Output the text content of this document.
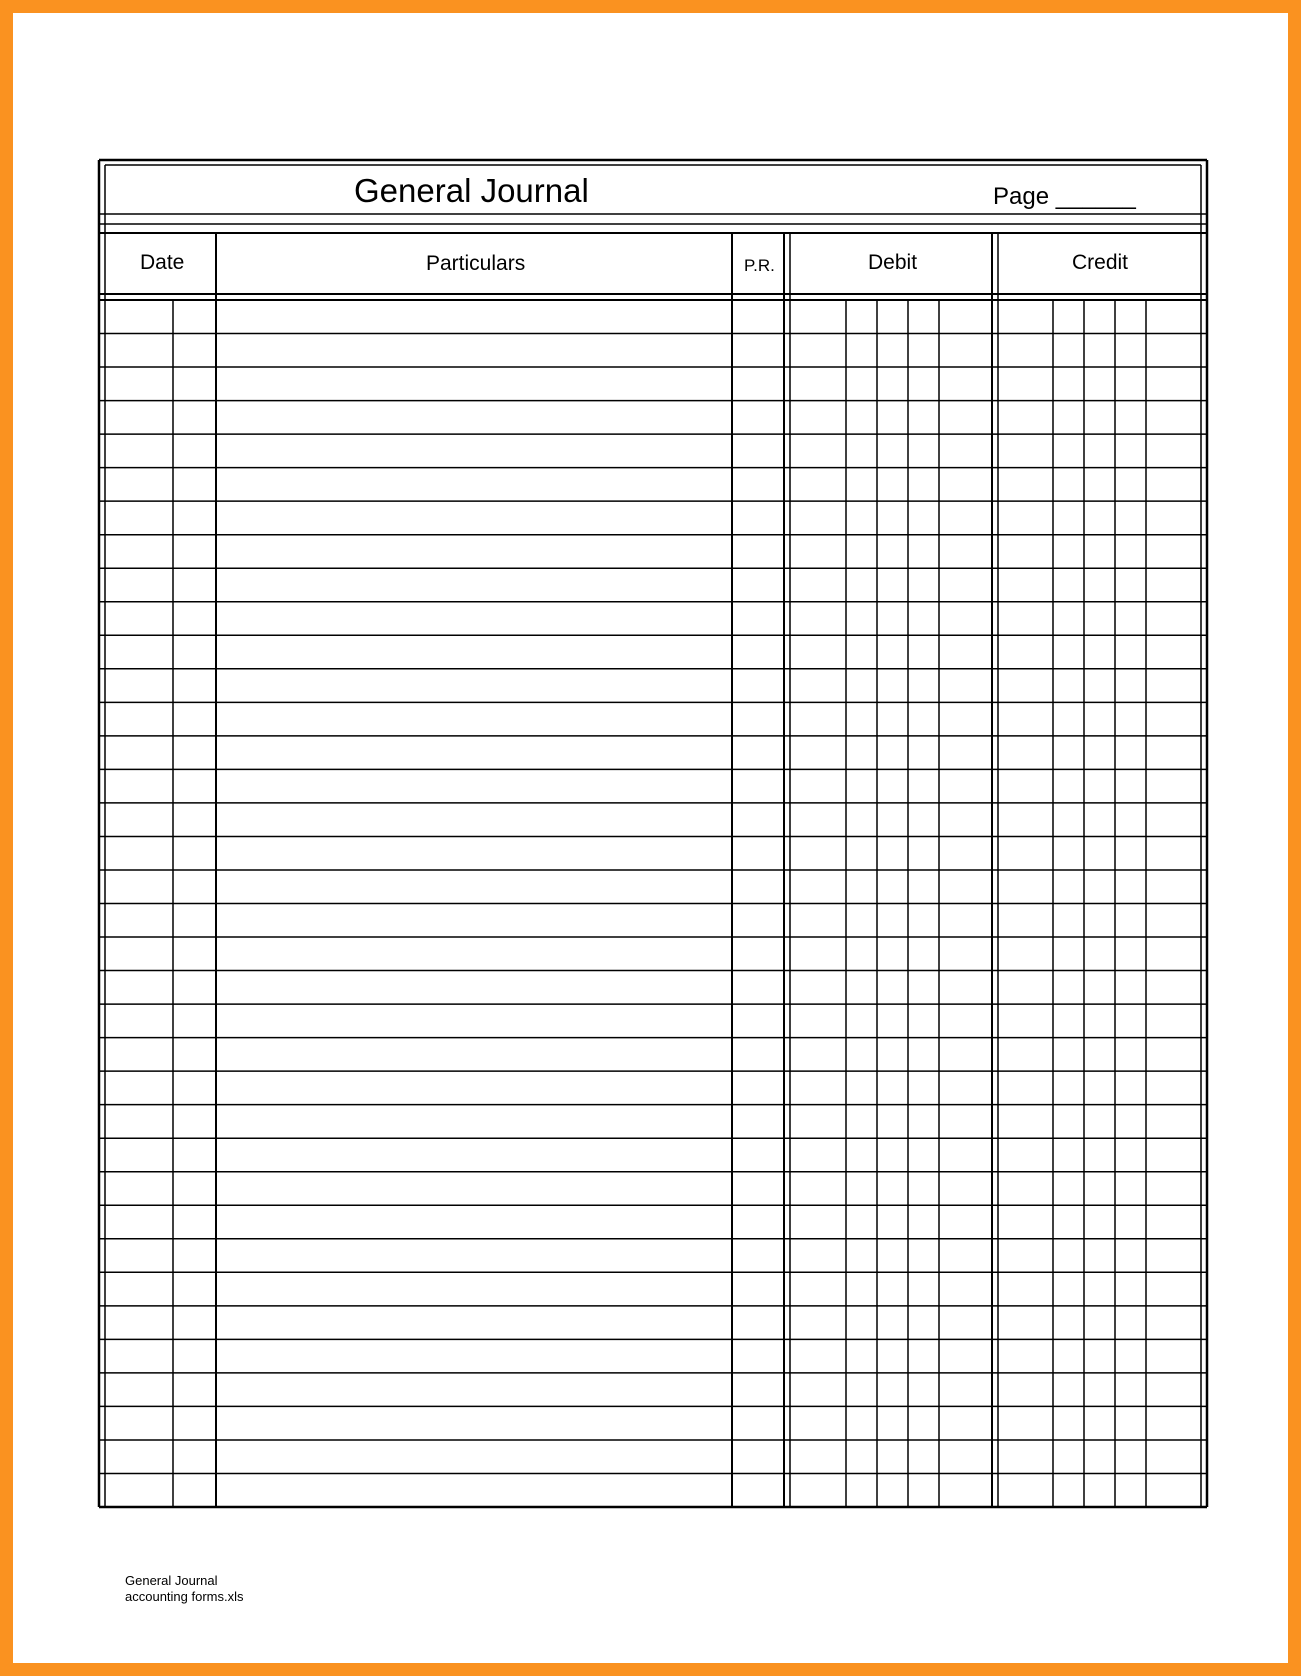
General Journal	Page ______
Date	Particulars	P.R.	Debit	Credit
General Journal
accounting forms.xls
